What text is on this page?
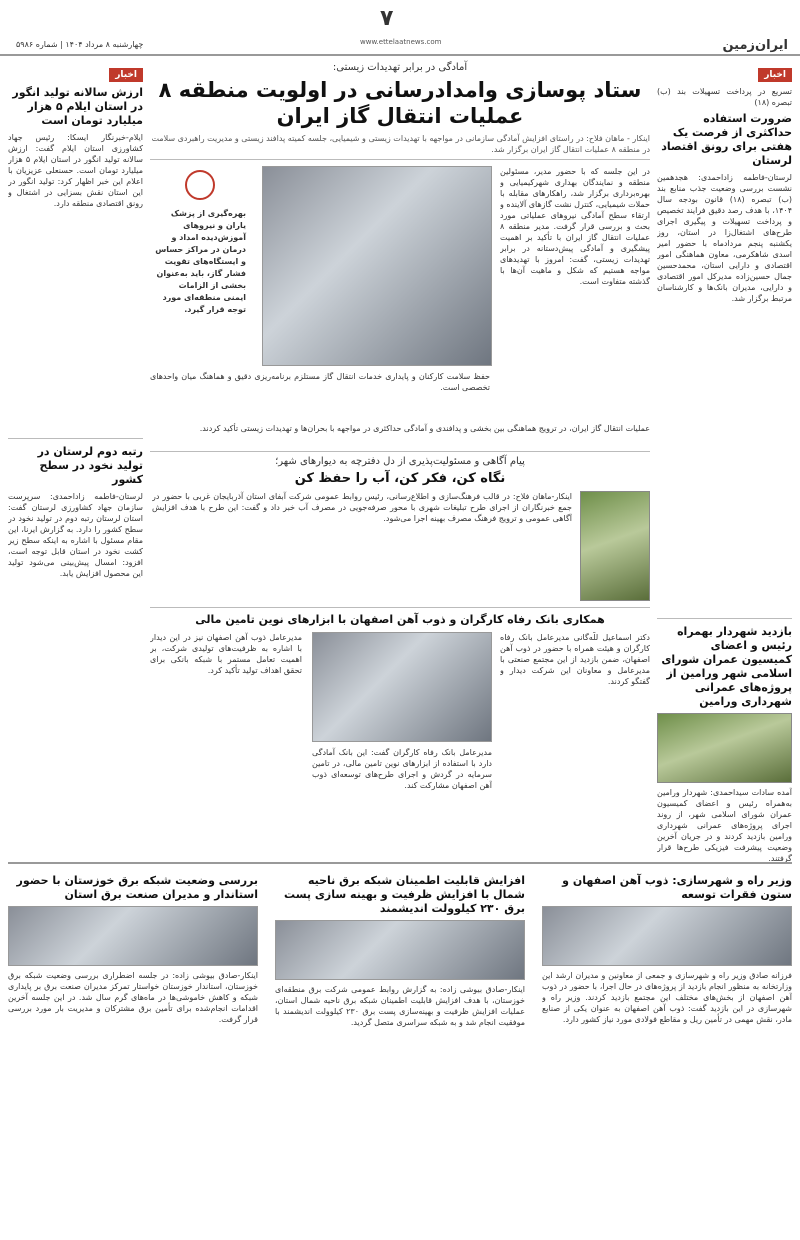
ایران‌زمین
۷
www.ettelaatnews.com
چهارشنبه ۸ مرداد ۱۴۰۴ | شماره ۵۹۸۶
اخبار
تسریع در پرداخت تسهیلات بند (ب) تبصره (۱۸)
ضرورت استفاده حداکثری از فرصت یک هفتی برای رونق اقتصاد لرستان
لرستان-فاطمه زاداحمدی: هجدهمین نشست بررسی وضعیت جذب منابع بند (ب) تبصره (۱۸) قانون بودجه سال ۱۴۰۴، با هدف رصد دقیق فرایند تخصیص و پرداخت تسهیلات و پیگیری اجرای طرح‌های اشتغال‌زا در استان، روز یکشنبه پنجم مردادماه با حضور امیر اسدی شاهکرمی، معاون هماهنگی امور اقتصادی و دارایی استان، محمدحسین جمال حسین‌زاده مدیرکل امور اقتصادی و دارایی، مدیران بانک‌ها و کارشناسان مرتبط برگزار شد.
بازدید شهردار بهمراه رئیس و اعضای کمیسیون عمران شورای اسلامی شهر ورامین از پروژه‌های عمرانی شهرداری ورامین
آمده سادات سیداحمدی: شهردار ورامین به‌همراه رئیس و اعضای کمیسیون عمران شورای اسلامی شهر، از روند اجرای پروژه‌های عمرانی شهرداری ورامین بازدید کردند و در جریان آخرین وضعیت پیشرفت فیزیکی طرح‌ها قرار گرفتند.
اخبار
ارزش سالانه تولید انگور در استان ایلام ۵ هزار میلیارد تومان است
ایلام-خبرنگار ایسکا: رئیس جهاد کشاورزی استان ایلام گفت: ارزش سالانه تولید انگور در استان ایلام ۵ هزار میلیارد تومان است. حسنعلی عزیزیان با اعلام این خبر اظهار کرد: تولید انگور در این استان نقش بسزایی در اشتغال و رونق اقتصادی منطقه دارد.
رتبه دوم لرستان در تولید نخود در سطح کشور
لرستان-فاطمه زاداحمدی: سرپرست سازمان جهاد کشاورزی لرستان گفت: استان لرستان رتبه دوم در تولید نخود در سطح کشور را دارد. به گزارش ایرنا، این مقام مسئول با اشاره به اینکه سطح زیر کشت نخود در استان قابل توجه است، افزود: امسال پیش‌بینی می‌شود تولید این محصول افزایش یابد.
آمادگی در برابر تهدیدات زیستی:
ستاد پوسازی وامدادرسانی در اولویت منطقه ۸ عملیات انتقال گاز ایران
اینکار - ماهان فلاح: در راستای افزایش آمادگی سازمانی در مواجهه با تهدیدات زیستی و شیمیایی، جلسه کمیته پدافند زیستی و مدیریت راهبردی سلامت در منطقه ۸ عملیات انتقال گاز ایران برگزار شد.
در این جلسه که با حضور مدیر، مسئولین منطقه و نمایندگان بهداری شهرکیمیایی و بهره‌برداری برگزار شد، راهکارهای مقابله با حملات شیمیایی، کنترل نشت گازهای آلاینده و ارتقاء سطح آمادگی نیروهای عملیاتی مورد بحث و بررسی قرار گرفت. مدیر منطقه ۸ عملیات انتقال گاز ایران با تأکید بر اهمیت پیشگیری و آمادگی پیش‌دستانه در برابر تهدیدات زیستی، گفت: امروز با تهدیدهای مواجه هستیم که شکل و ماهیت آن‌ها با گذشته متفاوت است.
بهره‌گیری از پزشک یاران و نیروهای آموزش‌دیده امداد و درمان در مراکز حساس و ایستگاه‌های تقویت فشار گاز، باید به‌عنوان بخشی از الزامات ایمنی منطقه‌ای مورد توجه قرار گیرد.
حفظ سلامت کارکنان و پایداری خدمات انتقال گاز مستلزم برنامه‌ریزی دقیق و هماهنگ میان واحدهای تخصصی است.
عملیات انتقال گاز ایران، در ترویج هماهنگی بین بخشی و پدافندی و آمادگی حداکثری در مواجهه با بحران‌ها و تهدیدات زیستی تأکید کردند.
پیام آگاهی و مسئولیت‌پذیری از دل دفترچه به دیوارهای شهر؛
نگاه کن، فکر کن، آب را حفظ کن
اینکار-ماهان فلاح: در قالب فرهنگ‌سازی و اطلاع‌رسانی، رئیس روابط عمومی شرکت آبفای استان آذربایجان غربی با حضور در جمع خبرنگاران از اجرای طرح تبلیغات شهری با محور صرفه‌جویی در مصرف آب خبر داد و گفت: این طرح با هدف افزایش آگاهی عمومی و ترویج فرهنگ مصرف بهینه اجرا می‌شود.
همکاری بانک رفاه کارگران و ذوب آهن اصفهان با ابزارهای نوین تامین مالی
دکتر اسماعیل للّه‌گانی مدیرعامل بانک رفاه کارگران و هیئت همراه با حضور در ذوب آهن اصفهان، ضمن بازدید از این مجتمع صنعتی با مدیرعامل و معاونان این شرکت دیدار و گفتگو کردند.
مدیرعامل بانک رفاه کارگران گفت: این بانک آمادگی دارد با استفاده از ابزارهای نوین تامین مالی، در تامین سرمایه در گردش و اجرای طرح‌های توسعه‌ای ذوب آهن اصفهان مشارکت کند.
مدیرعامل ذوب آهن اصفهان نیز در این دیدار با اشاره به ظرفیت‌های تولیدی شرکت، بر اهمیت تعامل مستمر با شبکه بانکی برای تحقق اهداف تولید تأکید کرد.
وزیر راه و شهرسازی: ذوب آهن اصفهان و ستون فقرات توسعه
فرزانه صادق وزیر راه و شهرسازی و جمعی از معاونین و مدیران ارشد این وزارتخانه به منظور انجام بازدید از پروژه‌های در حال اجرا، با حضور در ذوب آهن اصفهان از بخش‌های مختلف این مجتمع بازدید کردند. وزیر راه و شهرسازی در این بازدید گفت: ذوب آهن اصفهان به عنوان یکی از صنایع مادر، نقش مهمی در تأمین ریل و مقاطع فولادی مورد نیاز کشور دارد.
افزایش قابلیت اطمینان شبکه برق ناحیه شمال با افزایش ظرفیت و بهینه سازی پست برق ۲۳۰ کیلوولت اندیشمند
اینکار-صادق بیوشی زاده: به گزارش روابط عمومی شرکت برق منطقه‌ای خوزستان، با هدف افزایش قابلیت اطمینان شبکه برق ناحیه شمال استان، عملیات افزایش ظرفیت و بهینه‌سازی پست برق ۲۳۰ کیلوولت اندیشمند با موفقیت انجام شد و به شبکه سراسری متصل گردید.
بررسی وضعیت شبکه برق خوزستان با حضور استاندار و مدیران صنعت برق استان
اینکار-صادق بیوشی زاده: در جلسه اضطراری بررسی وضعیت شبکه برق خوزستان، استاندار خوزستان خواستار تمرکز مدیران صنعت برق بر پایداری شبکه و کاهش خاموشی‌ها در ماه‌های گرم سال شد. در این جلسه آخرین اقدامات انجام‌شده برای تأمین برق مشترکان و مدیریت بار مورد بررسی قرار گرفت.
